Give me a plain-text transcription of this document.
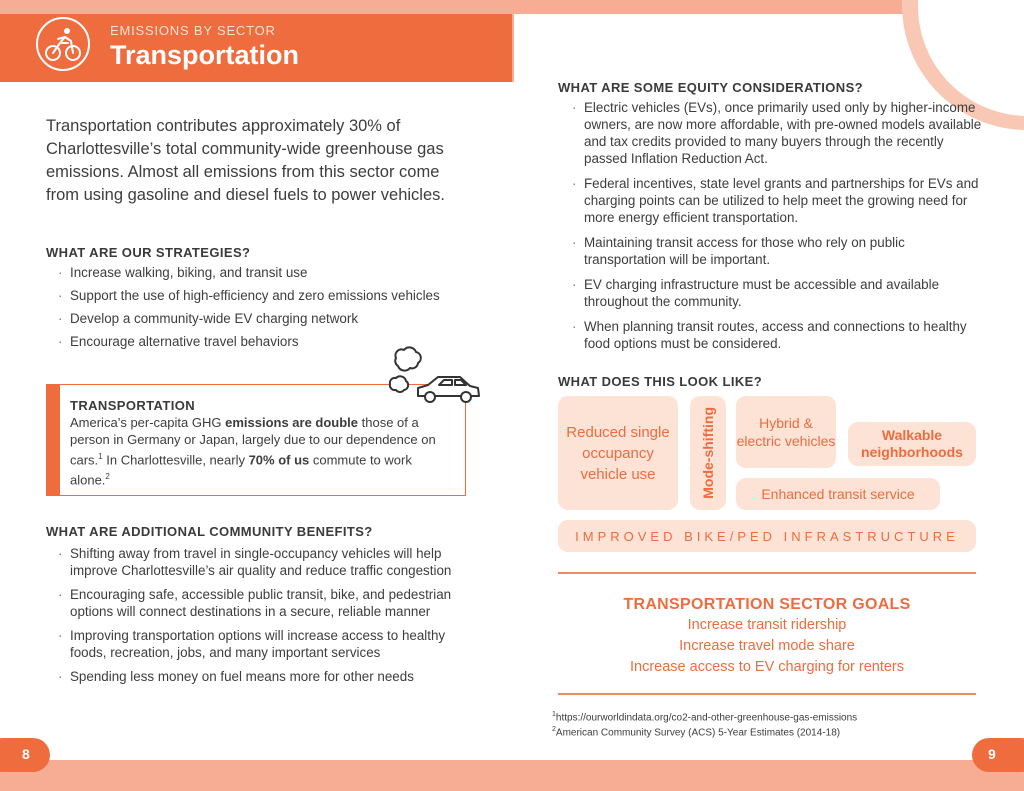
EMISSIONS BY SECTOR
Transportation
Transportation contributes approximately 30% of Charlottesville’s total community-wide greenhouse gas emissions. Almost all emissions from this sector come from using gasoline and diesel fuels to power vehicles.
WHAT ARE OUR STRATEGIES?
· Increase walking, biking, and transit use
· Support the use of high-efficiency and zero emissions vehicles
· Develop a community-wide EV charging network
· Encourage alternative travel behaviors
TRANSPORTATION
America’s per-capita GHG emissions are double those of a person in Germany or Japan, largely due to our dependence on cars.$^1$ In Charlottesville, nearly 70% of us commute to work alone.$^2$
WHAT ARE ADDITIONAL COMMUNITY BENEFITS?
· Shifting away from travel in single-occupancy vehicles will help improve Charlottesville’s air quality and reduce traffic congestion
· Encouraging safe, accessible public transit, bike, and pedestrian options will connect destinations in a secure, reliable manner
· Improving transportation options will increase access to healthy foods, recreation, jobs, and many important services
· Spending less money on fuel means more for other needs
WHAT ARE SOME EQUITY CONSIDERATIONS?
· Electric vehicles (EVs), once primarily used only by higher-income owners, are now more affordable, with pre-owned models available and tax credits provided to many buyers through the recently passed Inflation Reduction Act.
· Federal incentives, state level grants and partnerships for EVs and charging points can be utilized to help meet the growing need for more energy efficient transportation.
· Maintaining transit access for those who rely on public transportation will be important.
· EV charging infrastructure must be accessible and available throughout the community.
· When planning transit routes, access and connections to healthy food options must be considered.
WHAT DOES THIS LOOK LIKE?
Reduced single occupancy vehicle use	Mode-shifting	Hybrid & electric vehicles	Walkable neighborhoods
Enhanced transit service
IMPROVED BIKE/PED INFRASTRUCTURE
TRANSPORTATION SECTOR GOALS
Increase transit ridership
Increase travel mode share
Increase access to EV charging for renters
$^1$https://ourworldindata.org/co2-and-other-greenhouse-gas-emissions
$^2$American Community Survey (ACS) 5-Year Estimates (2014-18)
8	9
